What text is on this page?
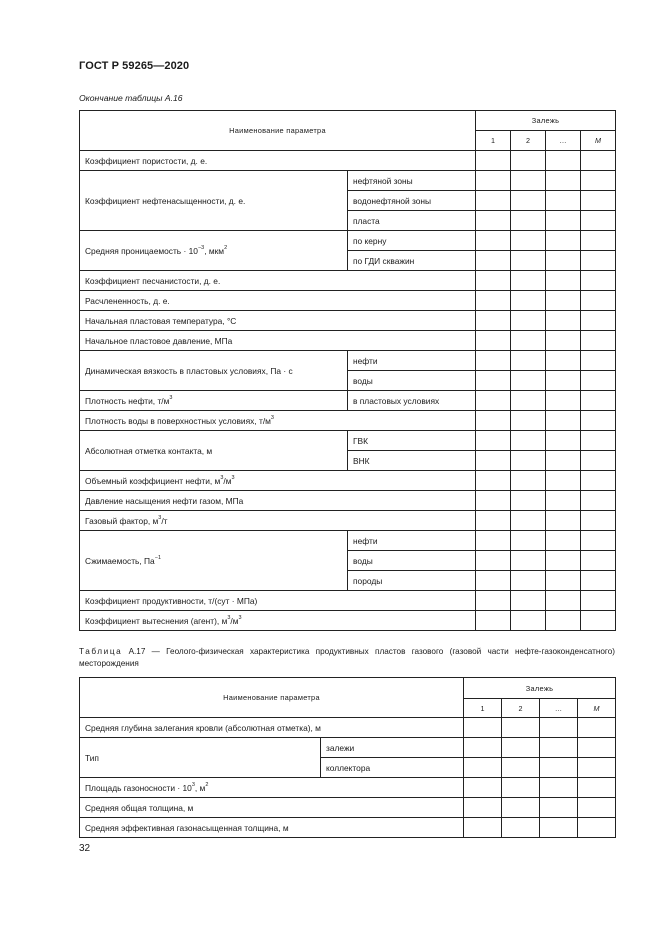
ГОСТ Р 59265—2020
Окончание таблицы А.16
Наименование параметра		Залежь			
		1	2	…	М
Коэффициент пористости, д. е.					
Коэффициент нефтенасыщенности, д. е.	нефтяной зоны				
	водонефтяной зоны				
	пласта				
Средняя проницаемость · $10^{-3}$, мкм$^2$	по керну				
	по ГДИ скважин				
Коэффициент песчанистости, д. е.					
Расчлененность, д. е.					
Начальная пластовая температура, °С					
Начальное пластовое давление, МПа					
Динамическая вязкость в пластовых условиях, Па · с	нефти				
	воды				
Плотность нефти, $т/м^3$	в пластовых условиях				
Плотность воды в поверхностных условиях, $т/м^3$				
Абсолютная отметка контакта, м	ГВК				
	ВНК				
Объемный коэффициент нефти, $м^3/м^3$				
Давление насыщения нефти газом, МПа					
Газовый фактор, $м^3/т$					
Сжимаемость, $Па^{-1}$	нефти				
	воды				
	породы				
Коэффициент продуктивности, т/(сут · МПа)					
Коэффициент вытеснения (агент), $м^3/м^3$				
Таблица А.17 — Геолого-физическая характеристика продуктивных пластов газового (газовой части нефте-газоконденсатного) месторождения
Наименование параметра		Залежь			
		1	2	…	М
Средняя глубина залегания кровли (абсолютная отметка), м					
Тип	залежи				
	коллектора				
Площадь газоносности · $10^3$, $м^2$				
Средняя общая толщина, м					
Средняя эффективная газонасыщенная толщина, м					
32
